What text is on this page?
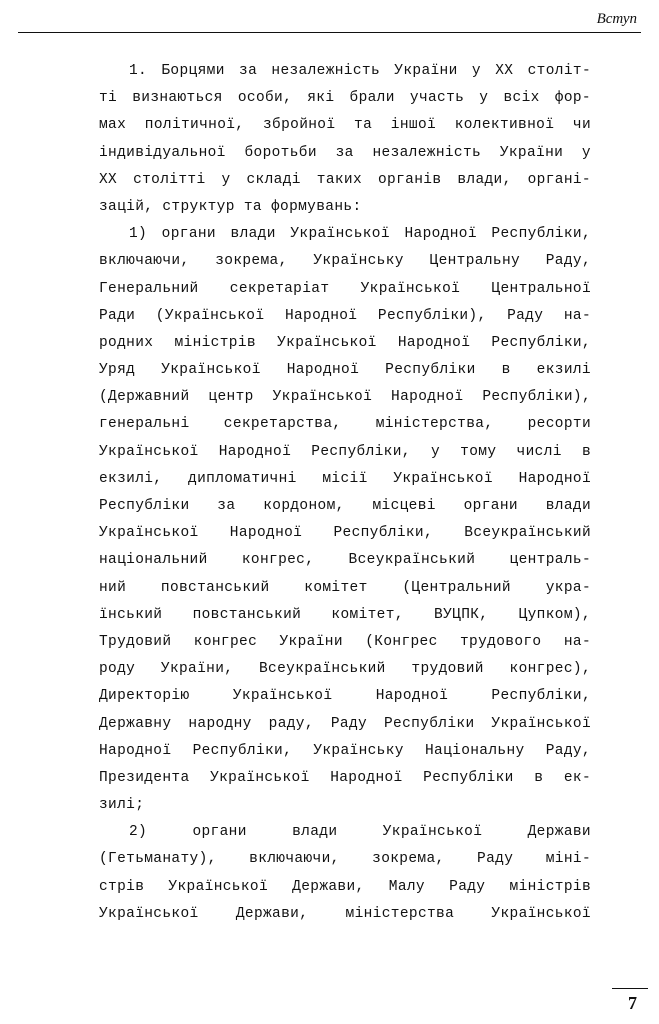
Вступ
1. Борцями за незалежність України у ХХ століт-
ті визнаються особи, які брали участь у всіх фор-
мах політичної, збройної та іншої колективної чи
індивідуальної боротьби за незалежність України у
ХХ столітті у складі таких органів влади, органі-
зацій, структур та формувань:
1) органи влади Української Народної Республіки,
включаючи, зокрема, Українську Центральну Раду,
Генеральний секретаріат Української Центральної
Ради (Української Народної Республіки), Раду на-
родних міністрів Української Народної Республіки,
Уряд Української Народної Республіки в екзилі
(Державний центр Української Народної Республіки),
генеральні секретарства, міністерства, ресорти
Української Народної Республіки, у тому числі в
екзилі, дипломатичні місії Української Народної
Республіки за кордоном, місцеві органи влади
Української Народної Республіки, Всеукраїнський
національний конгрес, Всеукраїнський централь-
ний повстанський комітет (Центральний укра-
їнський повстанський комітет, ВУЦПК, Цупком),
Трудовий конгрес України (Конгрес трудового на-
роду України, Всеукраїнський трудовий конгрес),
Директорію Української Народної Республіки,
Державну народну раду, Раду Республіки Української
Народної Республіки, Українську Національну Раду,
Президента Української Народної Республіки в ек-
зилі;
2) органи влади Української Держави
(Гетьманату), включаючи, зокрема, Раду міні-
стрів Української Держави, Малу Раду міністрів
Української Держави, міністерства Української
7
